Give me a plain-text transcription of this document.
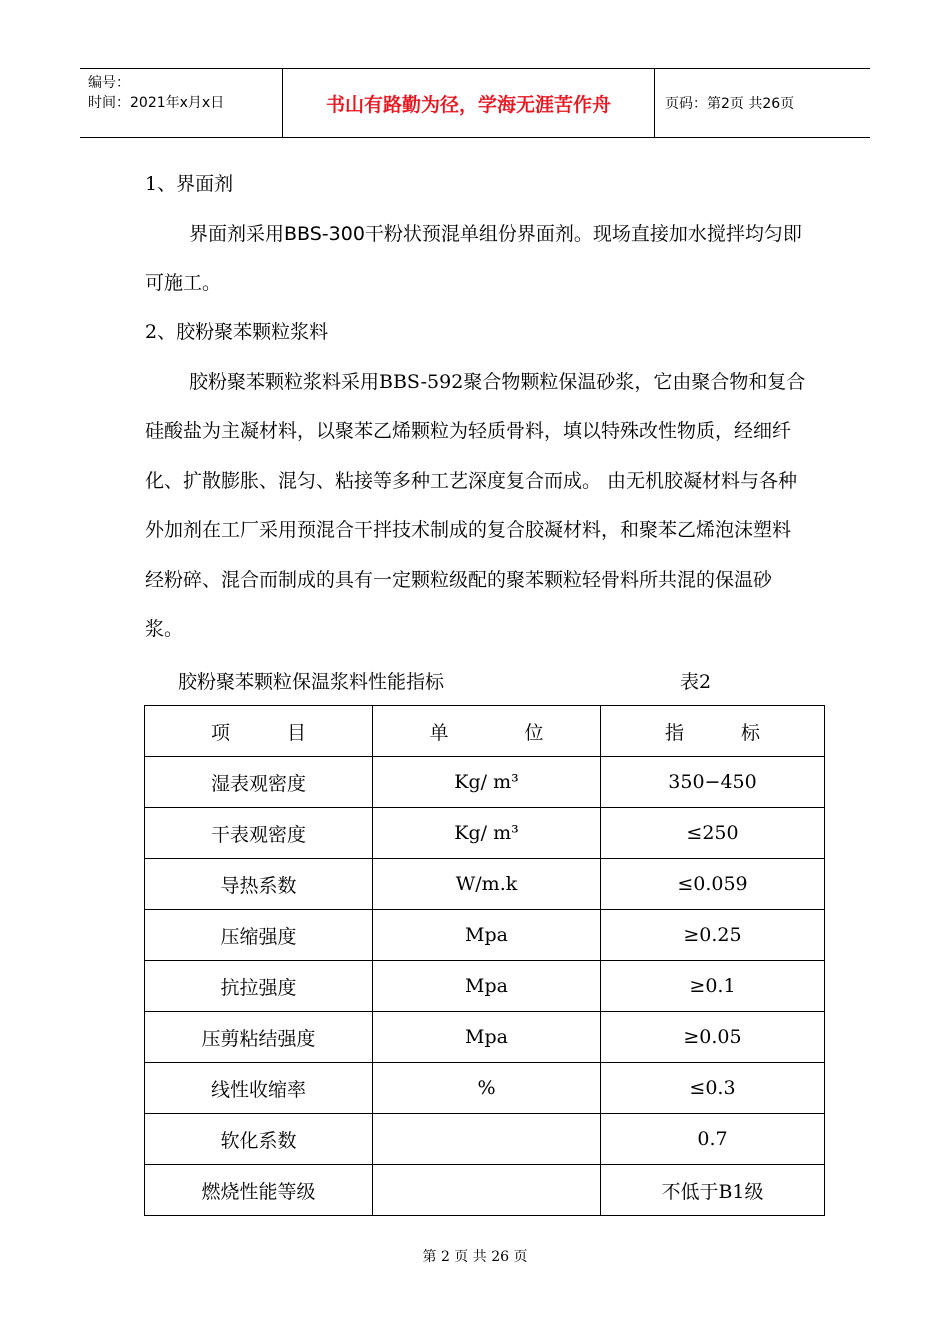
编号：
时间：2021年x月x日	书山有路勤为径，学海无涯苦作舟	页码：第2页 共26页

1、界面剂

界面剂采用BBS-300干粉状预混单组份界面剂。现场直接加水搅拌均匀即可施工。

2、胶粉聚苯颗粒浆料

胶粉聚苯颗粒浆料采用BBS-592聚合物颗粒保温砂浆，它由聚合物和复合硅酸盐为主凝材料，以聚苯乙烯颗粒为轻质骨料，填以特殊改性物质，经细纤化、扩散膨胀、混匀、粘接等多种工艺深度复合而成。 由无机胶凝材料与各种外加剂在工厂采用预混合干拌技术制成的复合胶凝材料，和聚苯乙烯泡沫塑料经粉碎、混合而制成的具有一定颗粒级配的聚苯颗粒轻骨料所共混的保温砂浆。

胶粉聚苯颗粒保温浆料性能指标	表2
项　　　目	单　　　　位	指　　　标
湿表观密度	Kg/ m³	350−450
干表观密度	Kg/ m³	≤250
导热系数	W/m.k	≤0.059
压缩强度	Mpa	≥0.25
抗拉强度	Mpa	≥0.1
压剪粘结强度	Mpa	≥0.05
线性收缩率	%	≤0.3
软化系数		0.7
燃烧性能等级		不低于B1级
第 2 页 共 26 页
